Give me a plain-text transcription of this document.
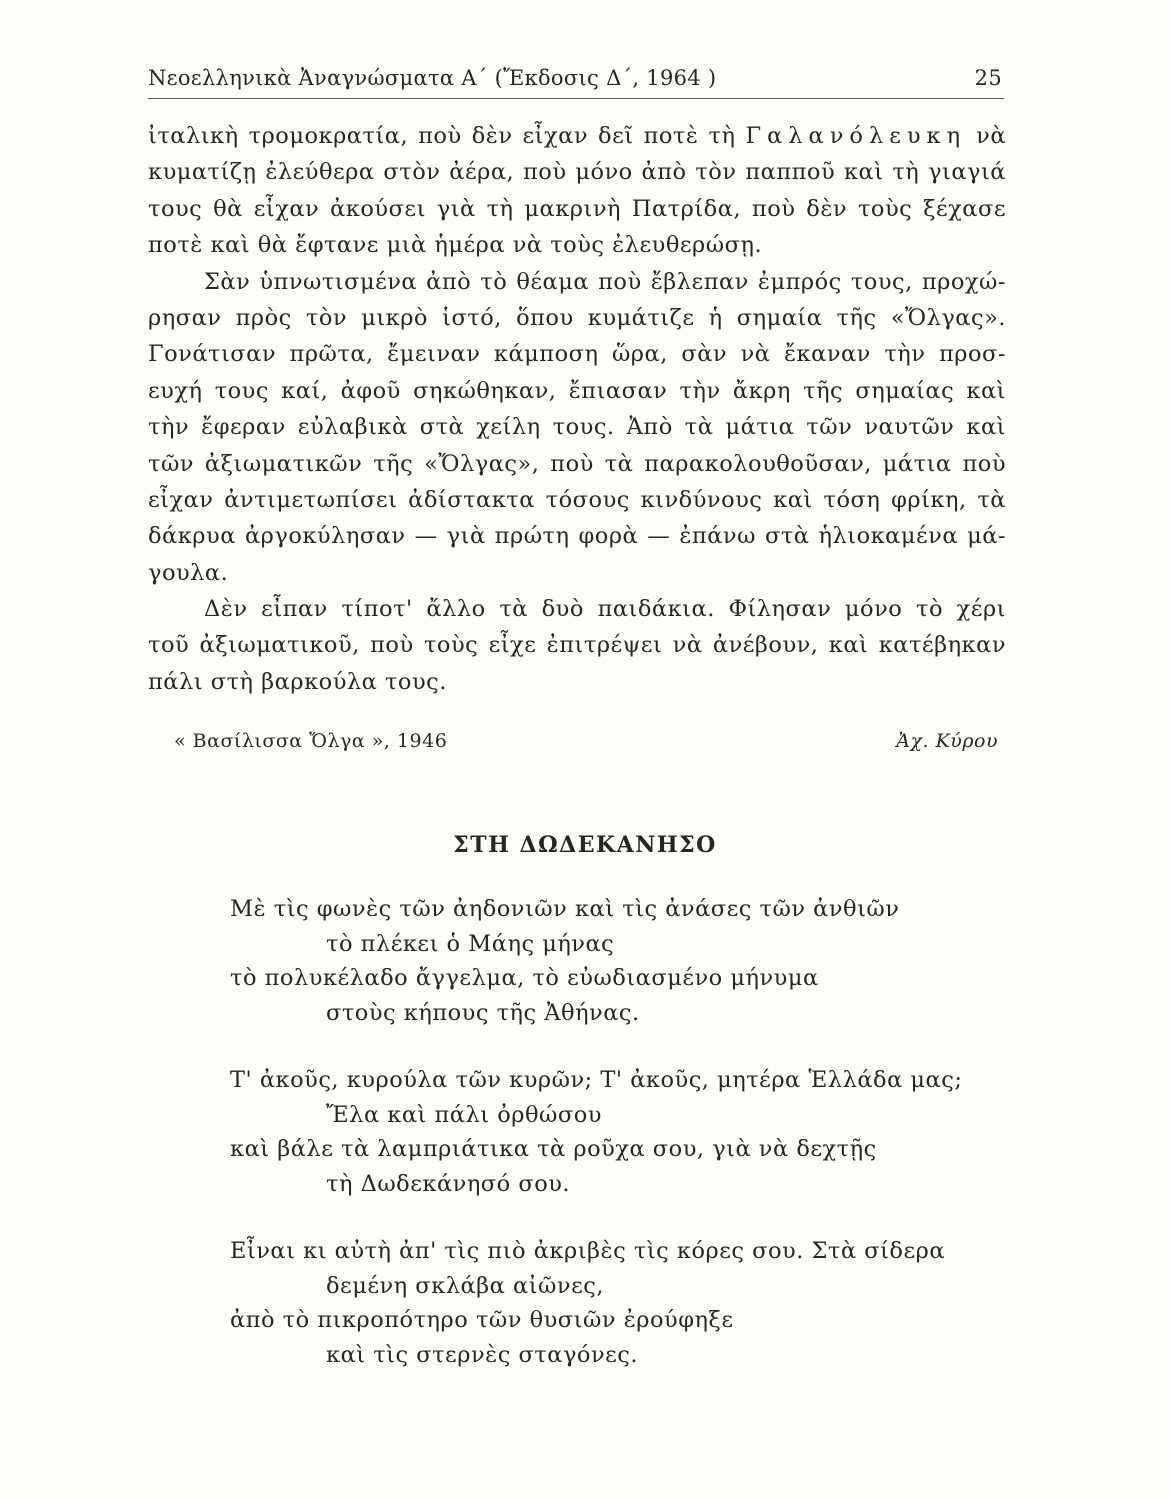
Νεοελληνικὰ Ἀναγνώσματα Α΄ (Ἔκδοσις Δ΄, 1964 )	25
ἰταλικὴ τρομοκρατία, ποὺ δὲν εἶχαν δεῖ ποτὲ τὴ Γαλανόλευκη νὰ
κυματίζῃ ἐλεύθερα στὸν ἀέρα, ποὺ μόνο ἀπὸ τὸν παπποῦ καὶ τὴ γιαγιά
τους θὰ εἶχαν ἀκούσει γιὰ τὴ μακρινὴ Πατρίδα, ποὺ δὲν τοὺς ξέχασε
ποτὲ καὶ θὰ ἔφτανε μιὰ ἡμέρα νὰ τοὺς ἐλευθερώσῃ.
Σὰν ὑπνωτισμένα ἀπὸ τὸ θέαμα ποὺ ἔβλεπαν ἐμπρός τους, προχώ-
ρησαν πρὸς τὸν μικρὸ ἱστό, ὅπου κυμάτιζε ἡ σημαία τῆς «Ὄλγας».
Γονάτισαν πρῶτα, ἔμειναν κάμποση ὥρα, σὰν νὰ ἔκαναν τὴν προσ-
ευχή τους καί, ἀφοῦ σηκώθηκαν, ἔπιασαν τὴν ἄκρη τῆς σημαίας καὶ
τὴν ἔφεραν εὐλαβικὰ στὰ χείλη τους. Ἀπὸ τὰ μάτια τῶν ναυτῶν καὶ
τῶν ἀξιωματικῶν τῆς «Ὄλγας», ποὺ τὰ παρακολουθοῦσαν, μάτια ποὺ
εἶχαν ἀντιμετωπίσει ἀδίστακτα τόσους κινδύνους καὶ τόση φρίκη, τὰ
δάκρυα ἀργοκύλησαν — γιὰ πρώτη φορὰ — ἐπάνω στὰ ἡλιοκαμένα μά-
γουλα.
Δὲν εἶπαν τίποτ' ἄλλο τὰ δυὸ παιδάκια. Φίλησαν μόνο τὸ χέρι
τοῦ ἀξιωματικοῦ, ποὺ τοὺς εἶχε ἐπιτρέψει νὰ ἀνέβουν, καὶ κατέβηκαν
πάλι στὴ βαρκούλα τους.
« Βασίλισσα Ὄλγα », 1946	Ἀχ. Κύρου
ΣΤΗ ΔΩΔΕΚΑΝΗΣΟ
Μὲ τὶς φωνὲς τῶν ἀηδονιῶν καὶ τὶς ἀνάσες τῶν ἀνθιῶν
τὸ πλέκει ὁ Μάης μήνας
τὸ πολυκέλαδο ἄγγελμα, τὸ εὐωδιασμένο μήνυμα
στοὺς κήπους τῆς Ἀθήνας.
Τ' ἀκοῦς, κυρούλα τῶν κυρῶν; Τ' ἀκοῦς, μητέρα Ἑλλάδα μας;
Ἔλα καὶ πάλι ὀρθώσου
καὶ βάλε τὰ λαμπριάτικα τὰ ροῦχα σου, γιὰ νὰ δεχτῇς
τὴ Δωδεκάνησό σου.
Εἶναι κι αὐτὴ ἀπ' τὶς πιὸ ἀκριβὲς τὶς κόρες σου. Στὰ σίδερα
δεμένη σκλάβα αἰῶνες,
ἀπὸ τὸ πικροπότηρο τῶν θυσιῶν ἐρούφηξε
καὶ τὶς στερνὲς σταγόνες.
